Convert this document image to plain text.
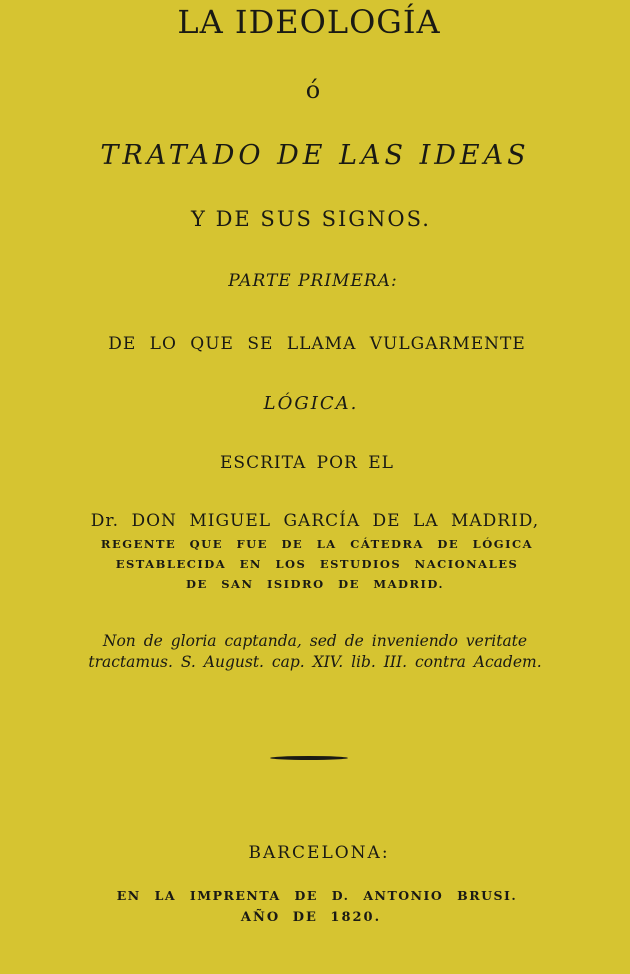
LA IDEOLOGÍA
ó
TRATADO DE LAS IDEAS
Y DE SUS SIGNOS.
PARTE PRIMERA:
DE LO QUE SE LLAMA VULGARMENTE
LÓGICA.
ESCRITA POR EL
Dr. DON MIGUEL GARCÍA DE LA MADRID,
REGENTE QUE FUE DE LA CÁTEDRA DE LÓGICA
ESTABLECIDA EN LOS ESTUDIOS NACIONALES
DE SAN ISIDRO DE MADRID.
Non de gloria captanda, sed de inveniendo veritate
tractamus. S. August. cap. XIV. lib. III. contra Academ.
BARCELONA:
EN LA IMPRENTA DE D. ANTONIO BRUSI.
AÑO DE 1820.
